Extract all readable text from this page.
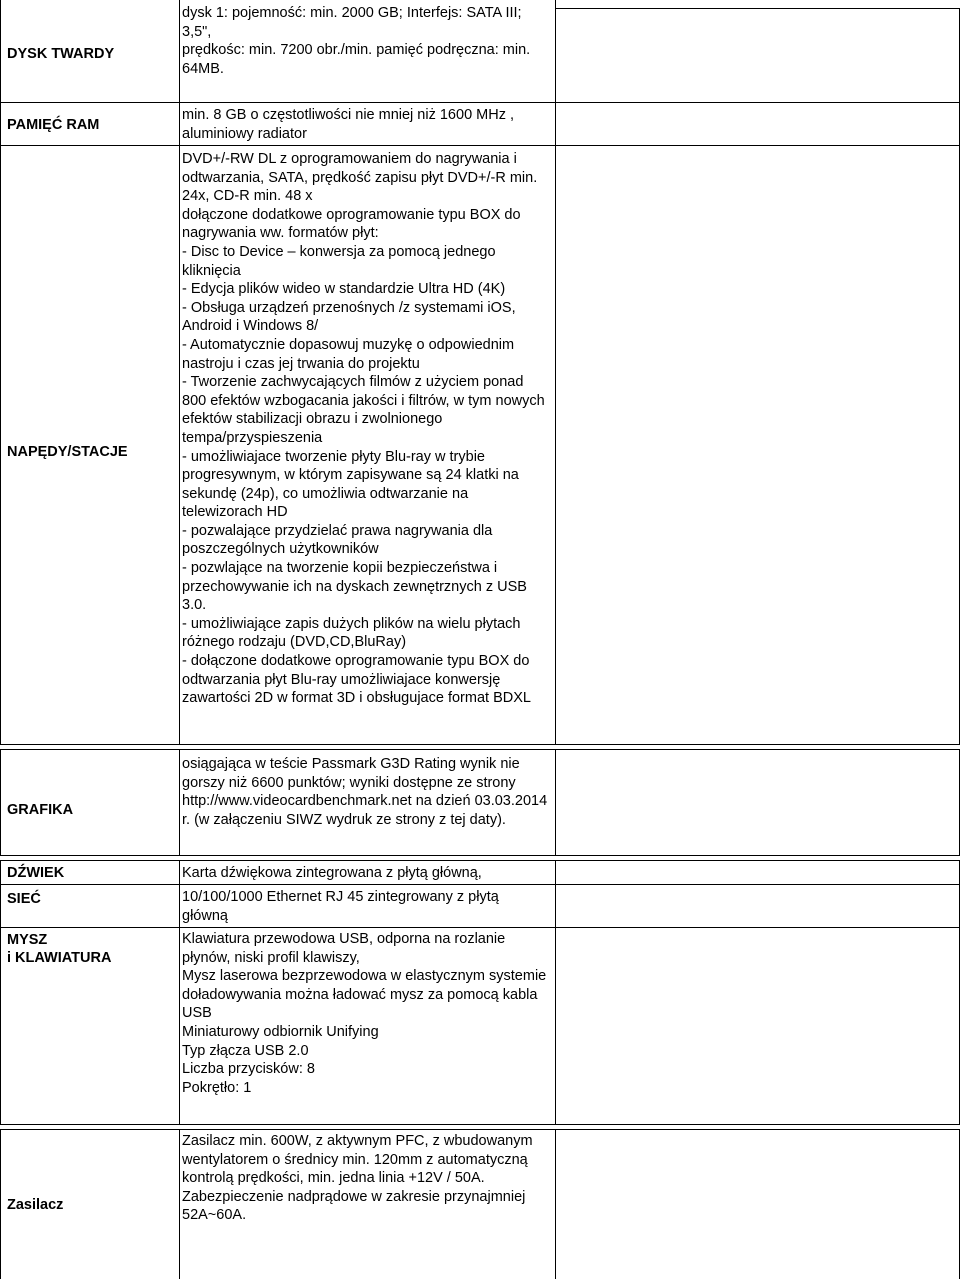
DYSK TWARDY
dysk 1: pojemność: min. 2000 GB; Interfejs: SATA III;
3,5",
prędkośc: min. 7200 obr./min. pamięć podręczna: min.
64MB.
PAMIĘĆ RAM
min. 8 GB o częstotliwości nie mniej niż 1600 MHz ,
aluminiowy radiator
NAPĘDY/STACJE
DVD+/-RW DL z oprogramowaniem do nagrywania i
odtwarzania, SATA, prędkość zapisu płyt DVD+/-R min.
24x, CD-R min. 48 x
dołączone dodatkowe oprogramowanie typu BOX do
nagrywania ww. formatów płyt:
- Disc to Device – konwersja za pomocą jednego
kliknięcia
- Edycja plików wideo w standardzie Ultra HD (4K)
- Obsługa urządzeń przenośnych /z systemami iOS,
Android i Windows 8/
- Automatycznie dopasowuj muzykę o odpowiednim
nastroju i czas jej trwania do projektu
- Tworzenie zachwycających filmów z użyciem ponad
800 efektów wzbogacania jakości i filtrów, w tym nowych
efektów stabilizacji obrazu i zwolnionego
tempa/przyspieszenia
- umożliwiajace tworzenie płyty Blu-ray w trybie
progresywnym, w którym zapisywane są 24 klatki na
sekundę (24p), co umożliwia odtwarzanie na
telewizorach HD
- pozwalające przydzielać prawa nagrywania dla
poszczególnych użytkowników
- pozwlające na tworzenie kopii bezpieczeństwa i
przechowywanie ich na dyskach zewnętrznych z USB
3.0.
- umożliwiające zapis dużych plików na wielu płytach
różnego rodzaju (DVD,CD,BluRay)
- dołączone dodatkowe oprogramowanie typu BOX do
odtwarzania płyt Blu-ray umożliwiajace konwersję
zawartości 2D w format 3D i obsługujace format BDXL
GRAFIKA
osiągająca w teście Passmark G3D Rating wynik nie
gorszy niż 6600 punktów; wyniki dostępne ze strony
http://www.videocardbenchmark.net na dzień 03.03.2014
r. (w załączeniu SIWZ wydruk ze strony z tej daty).
DŹWIEK	Karta dźwiękowa zintegrowana z płytą główną,
SIEĆ	10/100/1000 Ethernet RJ 45 zintegrowany z płytą
główną
MYSZ
i KLAWIATURA
Klawiatura przewodowa USB, odporna na rozlanie
płynów, niski profil klawiszy,
Mysz laserowa bezprzewodowa w elastycznym systemie
doładowywania można ładować mysz za pomocą kabla
USB
Miniaturowy odbiornik Unifying
Typ złącza USB 2.0
Liczba przycisków: 8
Pokrętło: 1
Zasilacz
Zasilacz min. 600W, z aktywnym PFC, z wbudowanym
wentylatorem o średnicy min. 120mm z automatyczną
kontrolą prędkości, min. jedna linia +12V / 50A.
Zabezpieczenie nadprądowe w zakresie przynajmniej
52A~60A.
